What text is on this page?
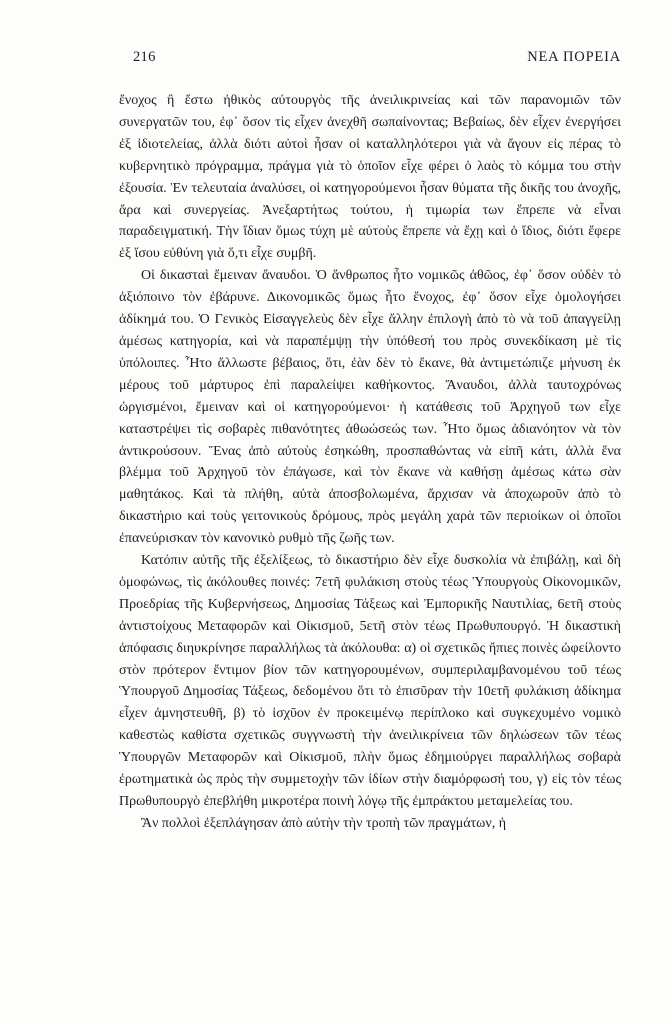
216	ΝΕΑ ΠΟΡΕΙΑ

ἔνοχος ἢ ἔστω ἠθικὸς αὐτουργὸς τῆς ἀνειλικρινείας καὶ τῶν παρανομιῶν τῶν συνεργατῶν του, ἐφ᾽ ὅσον τὶς εἶχεν ἀνεχθῆ σωπαίνοντας; Βεβαίως, δὲν εἶχεν ἐνεργήσει ἐξ ἰδιοτελείας, ἀλλὰ διότι αὐτοὶ ἦσαν οἱ καταλληλότεροι γιὰ νὰ ἄγουν εἰς πέρας τὸ κυβερνητικὸ πρόγραμμα, πράγμα γιὰ τὸ ὁποῖον εἶχε φέρει ὁ λαὸς τὸ κόμμα του στὴν ἐξουσία. Ἐν τελευταία ἀναλύσει, οἱ κατηγορούμενοι ἦσαν θύματα τῆς δικῆς του ἀνοχῆς, ἄρα καὶ συνεργείας. Ἀνεξαρτήτως τούτου, ἡ τιμωρία των ἔπρεπε νὰ εἶναι παραδειγματική. Τὴν ἴδιαν ὅμως τύχη μὲ αὐτοὺς ἔπρεπε νὰ ἔχῃ καὶ ὁ ἴδιος, διότι ἔφερε ἐξ ἴσου εὐθύνη γιὰ ὅ,τι εἶχε συμβῆ.

Οἱ δικασταὶ ἔμειναν ἄναυδοι. Ὁ ἄνθρωπος ἦτο νομικῶς ἀθῶος, ἐφ᾽ ὅσον οὐδὲν τὸ ἀξιόποινο τὸν ἐβάρυνε. Δικονομικῶς ὅμως ἦτο ἔνοχος, ἐφ᾽ ὅσον εἶχε ὁμολογήσει ἀδίκημά του. Ὁ Γενικὸς Εἰσαγγελεὺς δὲν εἶχε ἄλλην ἐπιλογὴ ἀπὸ τὸ νὰ τοῦ ἀπαγγείλῃ ἀμέσως κατηγορία, καὶ νὰ παραπέμψῃ τὴν ὑπόθεσή του πρὸς συνεκδίκαση μὲ τὶς ὑπόλοιπες. Ἦτο ἄλλωστε βέβαιος, ὅτι, ἐὰν δὲν τὸ ἔκανε, θὰ ἀντιμετώπιζε μήνυση ἐκ μέρους τοῦ μάρτυρος ἐπὶ παραλείψει καθήκοντος. Ἄναυδοι, ἀλλὰ ταυτοχρόνως ὠργισμένοι, ἔμειναν καὶ οἱ κατηγορούμενοι· ἡ κατάθεσις τοῦ Ἀρχηγοῦ των εἶχε καταστρέψει τὶς σοβαρὲς πιθανότητες ἀθωώσεώς των. Ἦτο ὅμως ἀδιανόητον νὰ τὸν ἀντικρούσουν. Ἕνας ἀπὸ αὐτοὺς ἐσηκώθη, προσπαθώντας νὰ εἰπῆ κάτι, ἀλλὰ ἕνα βλέμμα τοῦ Ἀρχηγοῦ τὸν ἐπάγωσε, καὶ τὸν ἔκανε νὰ καθήσῃ ἀμέσως κάτω σὰν μαθητάκος. Καὶ τὰ πλήθη, αὐτὰ ἀποσβολωμένα, ἄρχισαν νὰ ἀποχωροῦν ἀπὸ τὸ δικαστήριο καὶ τοὺς γειτονικοὺς δρόμους, πρὸς μεγάλη χαρὰ τῶν περιοίκων οἱ ὁποῖοι ἐπανεύρισκαν τὸν κανονικὸ ρυθμὸ τῆς ζωῆς των.

Κατόπιν αὐτῆς τῆς ἐξελίξεως, τὸ δικαστήριο δὲν εἶχε δυσκολία νὰ ἐπιβάλῃ, καὶ δὴ ὁμοφώνως, τὶς ἀκόλουθες ποινές: 7ετῆ φυλάκιση στοὺς τέως Ὑπουργοὺς Οἰκονομικῶν, Προεδρίας τῆς Κυβερνήσεως, Δημοσίας Τάξεως καὶ Ἐμπορικῆς Ναυτιλίας, 6ετῆ στοὺς ἀντιστοίχους Μεταφορῶν καὶ Οἰκισμοῦ, 5ετῆ στὸν τέως Πρωθυπουργό. Ἡ δικαστικὴ ἀπόφασις διηυκρίνησε παραλλήλως τὰ ἀκόλουθα: α) οἱ σχετικῶς ἤπιες ποινὲς ὠφείλοντο στὸν πρότερον ἔντιμον βίον τῶν κατηγορουμένων, συμπεριλαμβανομένου τοῦ τέως Ὑπουργοῦ Δημοσίας Τάξεως, δεδομένου ὅτι τὸ ἐπισῦραν τὴν 10ετῆ φυλάκιση ἀδίκημα εἶχεν ἀμνηστευθῆ, β) τὸ ἰσχῦον ἐν προκειμένῳ περίπλοκο καὶ συγκεχυμένο νομικὸ καθεστὼς καθίστα σχετικῶς συγγνωστὴ τὴν ἀνειλικρίνεια τῶν δηλώσεων τῶν τέως Ὑπουργῶν Μεταφορῶν καὶ Οἰκισμοῦ, πλὴν ὅμως ἐδημιούργει παραλλήλως σοβαρὰ ἐρωτηματικὰ ὡς πρὸς τὴν συμμετοχὴν τῶν ἰδίων στὴν διαμόρφωσή του, γ) εἰς τὸν τέως Πρωθυπουργὸ ἐπεβλήθη μικροτέρα ποινὴ λόγῳ τῆς ἐμπράκτου μεταμελείας του.

Ἂν πολλοὶ ἐξεπλάγησαν ἀπὸ αὐτὴν τὴν τροπὴ τῶν πραγμάτων, ἡ
